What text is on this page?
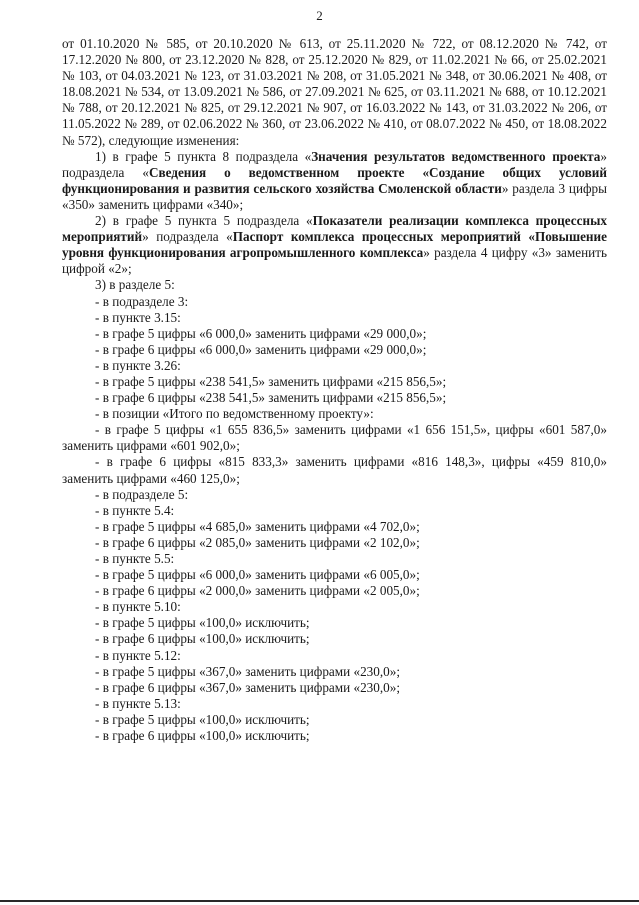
2

от 01.10.2020 № 585, от 20.10.2020 № 613, от 25.11.2020 № 722, от 08.12.2020 № 742, от 17.12.2020 № 800, от 23.12.2020 № 828, от 25.12.2020 № 829, от 11.02.2021 № 66, от 25.02.2021 № 103, от 04.03.2021 № 123, от 31.03.2021 № 208, от 31.05.2021 № 348, от 30.06.2021 № 408, от 18.08.2021 № 534, от 13.09.2021 № 586, от 27.09.2021 № 625, от 03.11.2021 № 688, от 10.12.2021 № 788, от 20.12.2021 № 825, от 29.12.2021 № 907, от 16.03.2022 № 143, от 31.03.2022 № 206, от 11.05.2022 № 289, от 02.06.2022 № 360, от 23.06.2022 № 410, от 08.07.2022 № 450, от 18.08.2022 № 572), следующие изменения:

1) в графе 5 пункта 8 подраздела «Значения результатов ведомственного проекта» подраздела «Сведения о ведомственном проекте «Создание общих условий функционирования и развития сельского хозяйства Смоленской области» раздела 3 цифры «350» заменить цифрами «340»;

2) в графе 5 пункта 5 подраздела «Показатели реализации комплекса процессных мероприятий» подраздела «Паспорт комплекса процессных мероприятий «Повышение уровня функционирования агропромышленного комплекса» раздела 4 цифру «3» заменить цифрой «2»;

3) в разделе 5:

- в подразделе 3:

- в пункте 3.15:

- в графе 5 цифры «6 000,0» заменить цифрами «29 000,0»;

- в графе 6 цифры «6 000,0» заменить цифрами «29 000,0»;

- в пункте 3.26:

- в графе 5 цифры «238 541,5» заменить цифрами «215 856,5»;

- в графе 6 цифры «238 541,5» заменить цифрами «215 856,5»;

- в позиции «Итого по ведомственному проекту»:

- в графе 5 цифры «1 655 836,5» заменить цифрами «1 656 151,5», цифры «601 587,0» заменить цифрами «601 902,0»;

- в графе 6 цифры «815 833,3» заменить цифрами «816 148,3», цифры «459 810,0» заменить цифрами «460 125,0»;

- в подразделе 5:

- в пункте 5.4:

- в графе 5 цифры «4 685,0» заменить цифрами «4 702,0»;

- в графе 6 цифры «2 085,0» заменить цифрами «2 102,0»;

- в пункте 5.5:

- в графе 5 цифры «6 000,0» заменить цифрами «6 005,0»;

- в графе 6 цифры «2 000,0» заменить цифрами «2 005,0»;

- в пункте 5.10:

- в графе 5 цифры «100,0» исключить;

- в графе 6 цифры «100,0» исключить;

- в пункте 5.12:

- в графе 5 цифры «367,0» заменить цифрами «230,0»;

- в графе 6 цифры «367,0» заменить цифрами «230,0»;

- в пункте 5.13:

- в графе 5 цифры «100,0» исключить;

- в графе 6 цифры «100,0» исключить;
